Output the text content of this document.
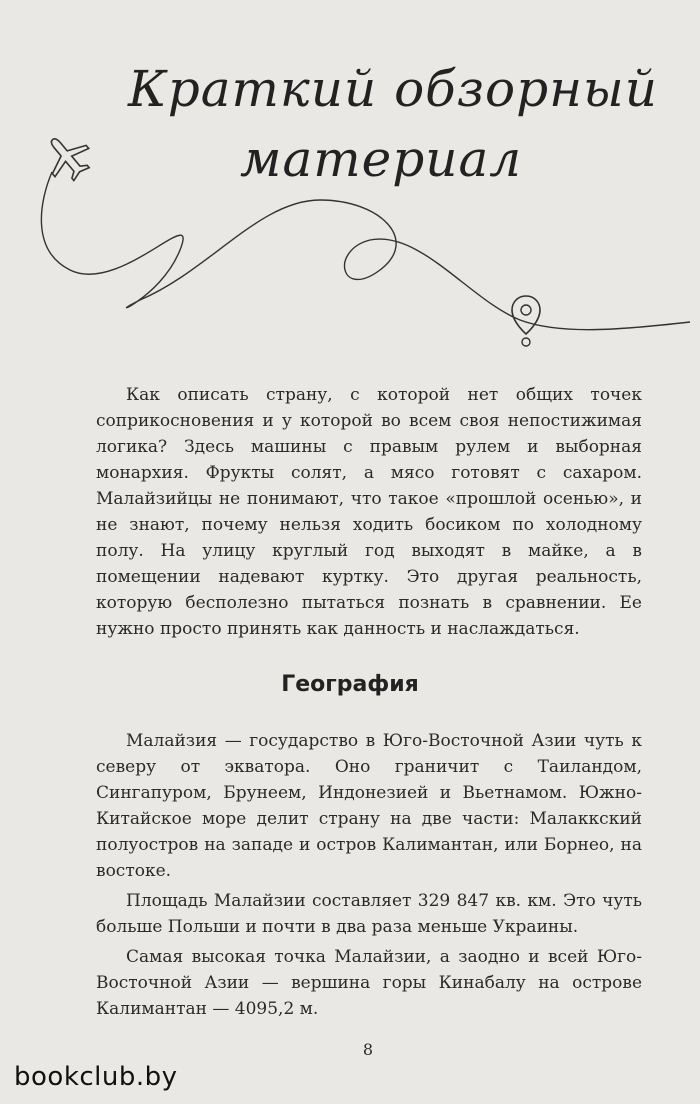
Краткий обзорный
материал

Как описать страну, с которой нет общих точек соприкосновения и у которой во всем своя непостижимая логика? Здесь машины с правым рулем и выборная монархия. Фрукты солят, а мясо готовят с сахаром. Малайзийцы не понимают, что такое «прошлой осенью», и не знают, почему нельзя ходить босиком по холодному полу. На улицу круглый год выходят в майке, а в помещении надевают куртку. Это другая реальность, которую бесполезно пытаться познать в сравнении. Ее нужно просто принять как данность и наслаждаться.

География

Малайзия — государство в Юго-Восточной Азии чуть к северу от экватора. Оно граничит с Таиландом, Сингапуром, Брунеем, Индонезией и Вьетнамом. Южно-Китайское море делит страну на две части: Малаккский полуостров на западе и остров Калимантан, или Борнео, на востоке.

Площадь Малайзии составляет 329 847 кв. км. Это чуть больше Польши и почти в два раза меньше Украины.

Самая высокая точка Малайзии, а заодно и всей Юго-Восточной Азии — вершина горы Кинабалу на острове Калимантан — 4095,2 м.

8
bookclub.by
